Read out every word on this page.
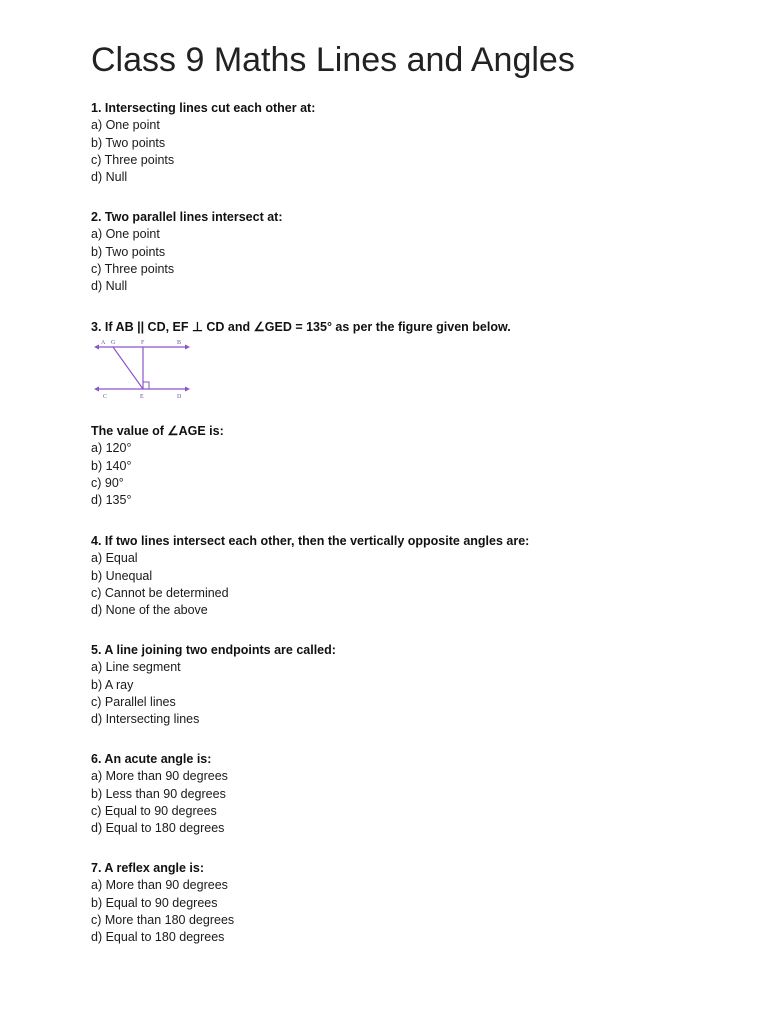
Class 9 Maths Lines and Angles
1. Intersecting lines cut each other at:
a) One point
b) Two points
c) Three points
d) Null
2. Two parallel lines intersect at:
a) One point
b) Two points
c) Three points
d) Null
3. If AB || CD, EF ⊥ CD and ∠GED = 135° as per the figure given below.
A G	F	B
C	E	D
The value of ∠AGE is:
a) 120°
b) 140°
c) 90°
d) 135°
4. If two lines intersect each other, then the vertically opposite angles are:
a) Equal
b) Unequal
c) Cannot be determined
d) None of the above
5. A line joining two endpoints are called:
a) Line segment
b) A ray
c) Parallel lines
d) Intersecting lines
6. An acute angle is:
a) More than 90 degrees
b) Less than 90 degrees
c) Equal to 90 degrees
d) Equal to 180 degrees
7. A reflex angle is:
a) More than 90 degrees
b) Equal to 90 degrees
c) More than 180 degrees
d) Equal to 180 degrees
